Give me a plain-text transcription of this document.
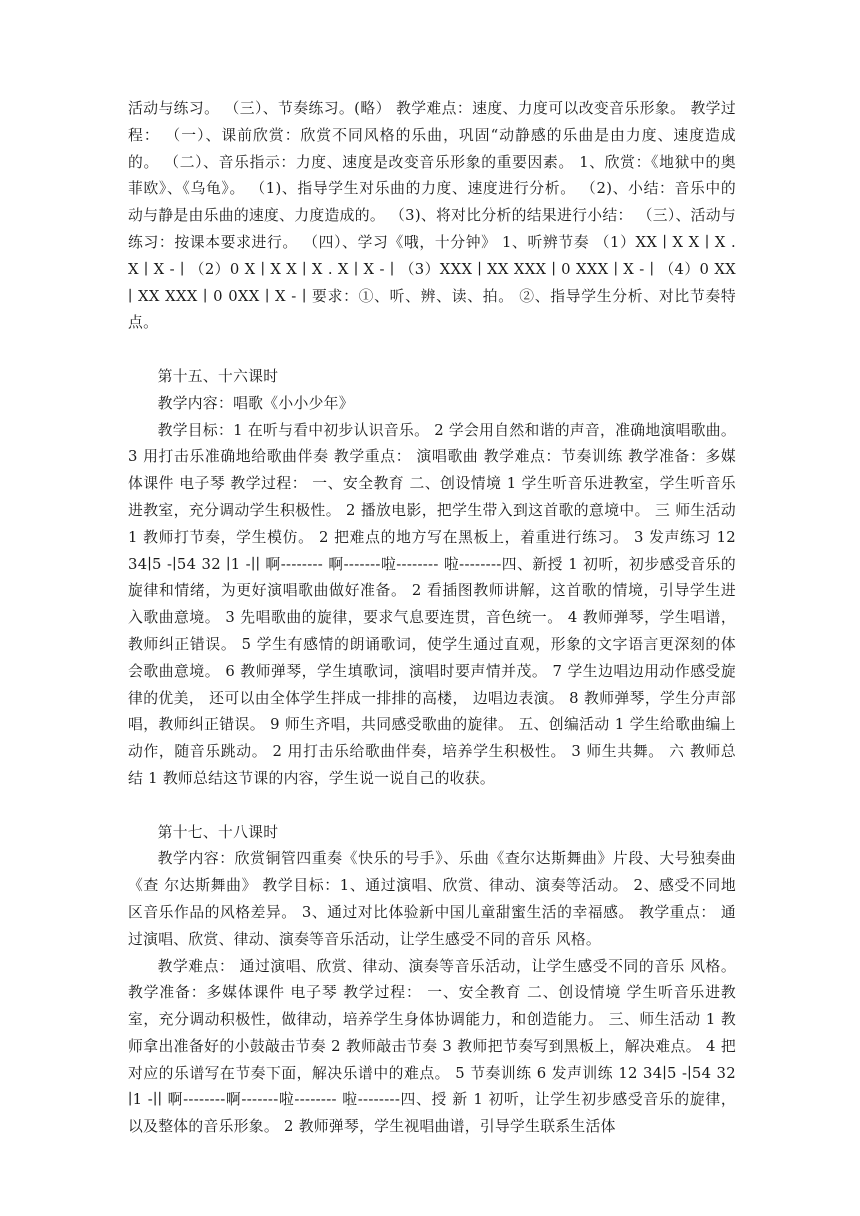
活动与练习。 （三）、节奏练习。(略） 教学难点：速度、力度可以改变音乐形象。 教学过程： （一）、课前欣赏：欣赏不同风格的乐曲，巩固“动静感的乐曲是由力度、速度造成的。 （二）、音乐指示：力度、速度是改变音乐形象的重要因素。 1、欣赏：《地狱中的奥菲欧》、《乌龟》。 （1)、指导学生对乐曲的力度、速度进行分析。 （2)、小结：音乐中的动与静是由乐曲的速度、力度造成的。 （3)、将对比分析的结果进行小结： （三）、活动与练习：按课本要求进行。 （四）、学习《哦，十分钟》 1、听辨节奏 （1）XX ∣ X X ∣ X . X ∣ X - ∣ （2）0 X ∣ X X ∣ X . X ∣ X - ∣ （3）XXX ∣ XX XXX ∣ 0 XXX ∣ X - ∣ （4）0 XX ∣ XX XXX ∣ 0 0XX ∣ X - ∣ 要求：①、听、辨、读、拍。 ②、指导学生分析、对比节奏特点。

第十五、十六课时

教学内容：唱歌《小小少年》

教学目标：1 在听与看中初步认识音乐。 2 学会用自然和谐的声音，准确地演唱歌曲。 3 用打击乐准确地给歌曲伴奏 教学重点： 演唱歌曲 教学难点：节奏训练 教学准备：多媒体课件 电子琴 教学过程： 一、安全教育 二、创设情境 1 学生听音乐进教室，学生听音乐进教室，充分调动学生积极性。 2 播放电影，把学生带入到这首歌的意境中。 三 师生活动 1 教师打节奏，学生模仿。 2 把难点的地方写在黑板上，着重进行练习。 3 发声练习 12 34∣5 -∣54 32 ∣1 -∣∣ 啊-------- 啊-------啦-------- 啦--------四、新授 1 初听，初步感受音乐的旋律和情绪，为更好演唱歌曲做好准备。 2 看插图教师讲解，这首歌的情境，引导学生进入歌曲意境。 3 先唱歌曲的旋律，要求气息要连贯，音色统一。 4 教师弹琴，学生唱谱，教师纠正错误。 5 学生有感情的朗诵歌词，使学生通过直观，形象的文字语言更深刻的体会歌曲意境。 6 教师弹琴，学生填歌词，演唱时要声情并茂。 7 学生边唱边用动作感受旋律的优美， 还可以由全体学生拌成一排排的高楼， 边唱边表演。 8 教师弹琴，学生分声部唱，教师纠正错误。 9 师生齐唱，共同感受歌曲的旋律。 五、创编活动 1 学生给歌曲编上动作，随音乐跳动。 2 用打击乐给歌曲伴奏，培养学生积极性。 3 师生共舞。 六 教师总结 1 教师总结这节课的内容，学生说一说自己的收获。

第十七、十八课时

教学内容：欣赏铜管四重奏《快乐的号手》、乐曲《查尔达斯舞曲》片段、大号独奏曲《查 尔达斯舞曲》 教学目标：1、通过演唱、欣赏、律动、演奏等活动。 2、感受不同地区音乐作品的风格差异。 3、通过对比体验新中国儿童甜蜜生活的幸福感。 教学重点： 通过演唱、欣赏、律动、演奏等音乐活动，让学生感受不同的音乐 风格。

教学难点： 通过演唱、欣赏、律动、演奏等音乐活动，让学生感受不同的音乐 风格。 教学准备：多媒体课件 电子琴 教学过程： 一、安全教育 二、创设情境 学生听音乐进教室，充分调动积极性，做律动，培养学生身体协调能力，和创造能力。 三、师生活动 1 教师拿出准备好的小鼓敲击节奏 2 教师敲击节奏 3 教师把节奏写到黑板上，解决难点。 4 把对应的乐谱写在节奏下面，解决乐谱中的难点。 5 节奏训练 6 发声训练 12 34∣5 -∣54 32 ∣1 -∣∣ 啊--------啊-------啦-------- 啦--------四、授 新 1 初听，让学生初步感受音乐的旋律，以及整体的音乐形象。 2 教师弹琴，学生视唱曲谱，引导学生联系生活体
